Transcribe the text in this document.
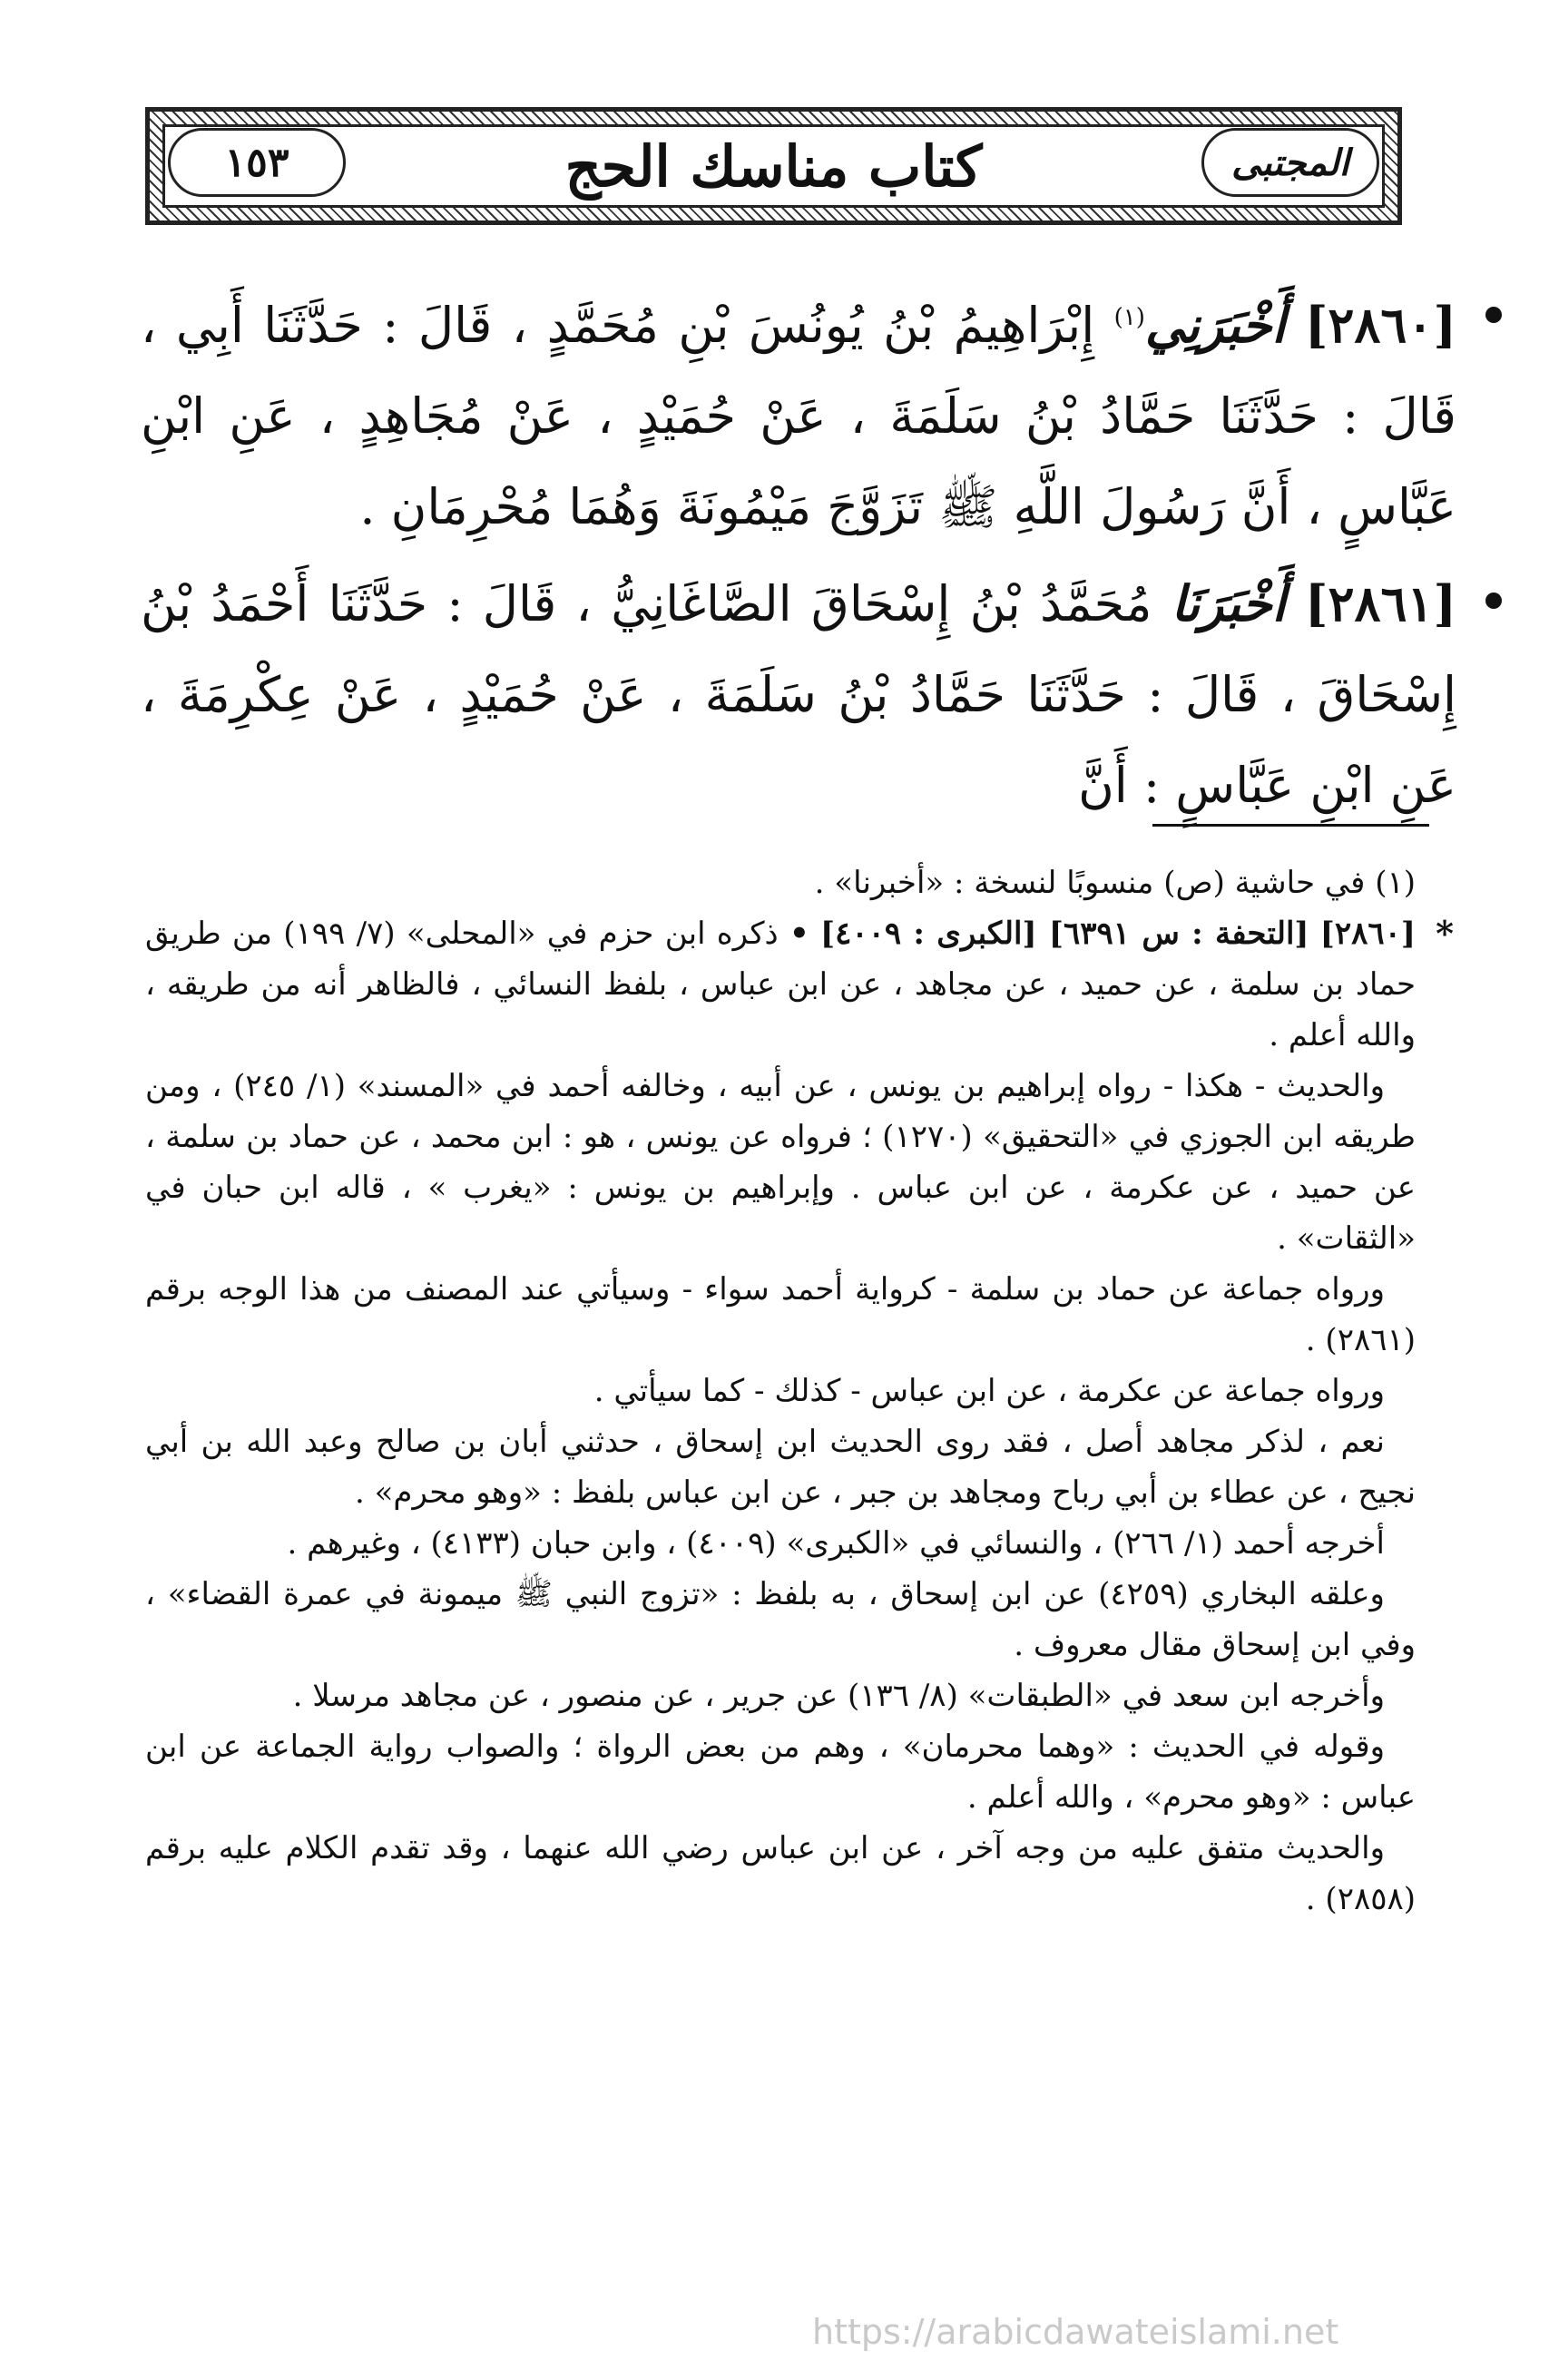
كتاب مناسك الحج
١٥٣	المجتبى
[٢٨٦٠] أَخْبَرَنِي$^{(١)}$ إِبْرَاهِيمُ بْنُ يُونُسَ بْنِ مُحَمَّدٍ ، قَالَ : حَدَّثَنَا أَبِي ، قَالَ : حَدَّثَنَا حَمَّادُ بْنُ سَلَمَةَ ، عَنْ حُمَيْدٍ ، عَنْ مُجَاهِدٍ ، عَنِ ابْنِ عَبَّاسٍ ، أَنَّ رَسُولَ اللَّهِ ﷺ تَزَوَّجَ مَيْمُونَةَ وَهُمَا مُحْرِمَانِ .
[٢٨٦١] أَخْبَرَنَا مُحَمَّدُ بْنُ إِسْحَاقَ الصَّاغَانِيُّ ، قَالَ : حَدَّثَنَا أَحْمَدُ بْنُ إِسْحَاقَ ، قَالَ : حَدَّثَنَا حَمَّادُ بْنُ سَلَمَةَ ، عَنْ حُمَيْدٍ ، عَنْ عِكْرِمَةَ ، عَنِ ابْنِ عَبَّاسٍ : أَنَّ

(١) في حاشية (ص) منسوبًا لنسخة : «أخبرنا» .

*
[٢٨٦٠] [التحفة : س ٦٣٩١] [الكبرى : ٤٠٠٩] • ذكره ابن حزم في «المحلى» (٧/ ١٩٩) من طريق حماد بن سلمة ، عن حميد ، عن مجاهد ، عن ابن عباس ، بلفظ النسائي ، فالظاهر أنه من طريقه ، والله أعلم .

والحديث - هكذا - رواه إبراهيم بن يونس ، عن أبيه ، وخالفه أحمد في «المسند» (١/ ٢٤٥) ، ومن طريقه ابن الجوزي في «التحقيق» (١٢٧٠) ؛ فرواه عن يونس ، هو : ابن محمد ، عن حماد بن سلمة ، عن حميد ، عن عكرمة ، عن ابن عباس . وإبراهيم بن يونس : «يغرب » ، قاله ابن حبان في «الثقات» .

ورواه جماعة عن حماد بن سلمة - كرواية أحمد سواء - وسيأتي عند المصنف من هذا الوجه برقم (٢٨٦١) .

ورواه جماعة عن عكرمة ، عن ابن عباس - كذلك - كما سيأتي .

نعم ، لذكر مجاهد أصل ، فقد روى الحديث ابن إسحاق ، حدثني أبان بن صالح وعبد الله بن أبي نجيح ، عن عطاء بن أبي رباح ومجاهد بن جبر ، عن ابن عباس بلفظ : «وهو محرم» .

أخرجه أحمد (١/ ٢٦٦) ، والنسائي في «الكبرى» (٤٠٠٩) ، وابن حبان (٤١٣٣) ، وغيرهم .

وعلقه البخاري (٤٢٥٩) عن ابن إسحاق ، به بلفظ : «تزوج النبي ﷺ ميمونة في عمرة القضاء» ، وفي ابن إسحاق مقال معروف .

وأخرجه ابن سعد في «الطبقات» (٨/ ١٣٦) عن جرير ، عن منصور ، عن مجاهد مرسلا .

وقوله في الحديث : «وهما محرمان» ، وهم من بعض الرواة ؛ والصواب رواية الجماعة عن ابن عباس : «وهو محرم» ، والله أعلم .

والحديث متفق عليه من وجه آخر ، عن ابن عباس رضي الله عنهما ، وقد تقدم الكلام عليه برقم (٢٨٥٨) .

https://arabicdawateislami.net
